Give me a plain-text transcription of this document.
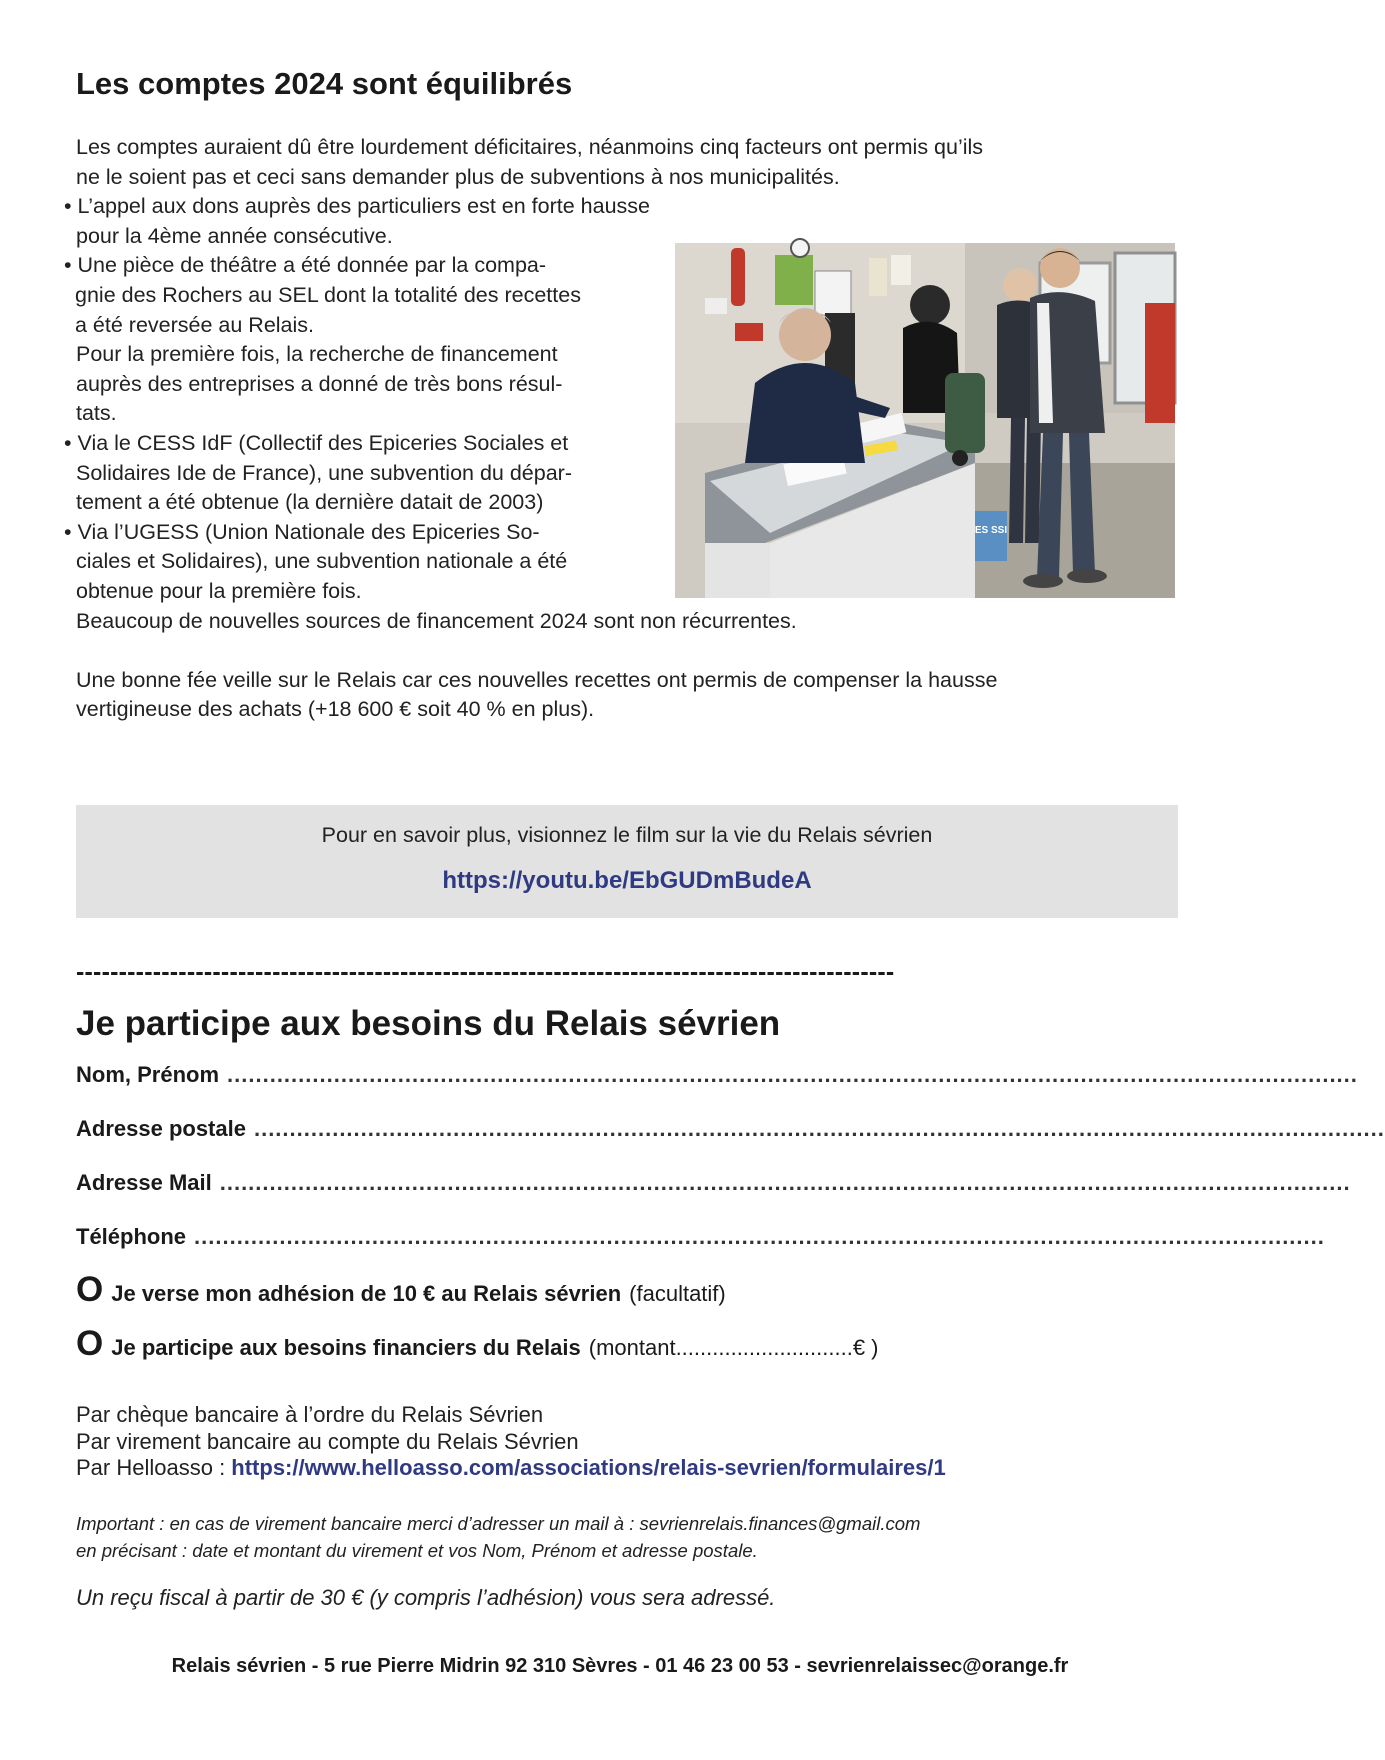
Les comptes 2024 sont équilibrés
Les comptes auraient dû être lourdement déficitaires, néanmoins cinq facteurs ont permis qu’ils
ne le soient pas et ceci sans demander plus de subventions à nos municipalités.
• L’appel aux dons auprès des particuliers est en forte hausse
pour la 4ème année consécutive.
• Une pièce de théâtre a été donnée par la compa-
gnie des Rochers au SEL dont la totalité des recettes
a été reversée au Relais.
Pour la première fois, la recherche de financement
auprès des entreprises a donné de très bons résul-
tats.
• Via le CESS IdF (Collectif des Epiceries Sociales et
Solidaires Ide de France), une subvention du dépar-
tement a été obtenue (la dernière datait de 2003)
• Via l’UGESS (Union Nationale des Epiceries So-
ciales et Solidaires), une subvention nationale a été
obtenue pour la première fois.
Beaucoup de nouvelles sources de financement 2024 sont non récurrentes.
Une bonne fée veille sur le Relais car ces nouvelles recettes ont permis de compenser la hausse
vertigineuse des achats (+18 600 € soit 40 % en plus).
ES SSI
Pour en savoir plus, visionnez le film sur la vie du Relais sévrien
https://youtu.be/EbGUDmBudeA
------------------------------------------------------------------------------------------------
Je participe aux besoins du Relais sévrien
Nom, Prénom ...............................................................................................................................................................
Adresse postale ...............................................................................................................................................................
Adresse Mail ...............................................................................................................................................................
Téléphone ...............................................................................................................................................................
O Je verse mon adhésion de 10 € au Relais sévrien (facultatif)
O Je participe aux besoins financiers du Relais (montant.............................€ )
Par chèque bancaire à l’ordre du Relais Sévrien
Par virement bancaire au compte du Relais Sévrien
Par Helloasso : https://www.helloasso.com/associations/relais-sevrien/formulaires/1
Important : en cas de virement bancaire merci d’adresser un mail à : sevrienrelais.finances@gmail.com
en précisant : date et montant du virement et vos Nom, Prénom et adresse postale.
Un reçu fiscal à partir de 30 € (y compris l’adhésion) vous sera adressé.
Relais sévrien - 5 rue Pierre Midrin 92 310 Sèvres - 01 46 23 00 53 - sevrienrelaissec@orange.fr
